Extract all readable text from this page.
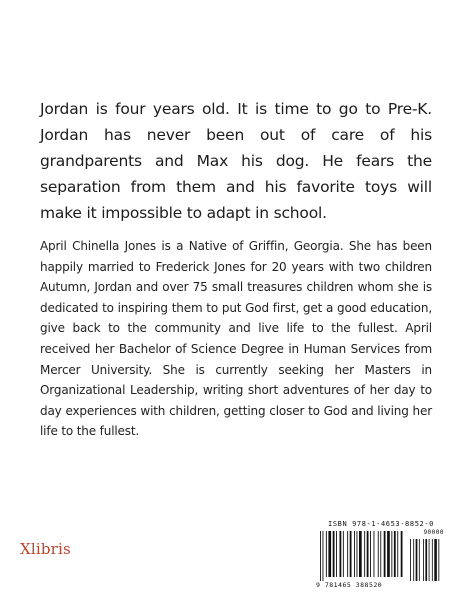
Jordan is four years old. It is time to go to Pre-K. Jordan has never been out of care of his grandparents and Max his dog. He fears the separation from them and his favorite toys will make it impossible to adapt in school.
April Chinella Jones is a Native of Griffin, Georgia. She has been happily married to Frederick Jones for 20 years with two children Autumn, Jordan and over 75 small treasures children whom she is dedicated to inspiring them to put God first, get a good education, give back to the community and live life to the fullest. April received her Bachelor of Science Degree in Human Services from Mercer University. She is currently seeking her Masters in Organizational Leadership, writing short adventures of her day to day experiences with children, getting closer to God and living her life to the fullest.
Xlibris
ISBN 978-1-4653-8852-0
90000
9 781465 388520
